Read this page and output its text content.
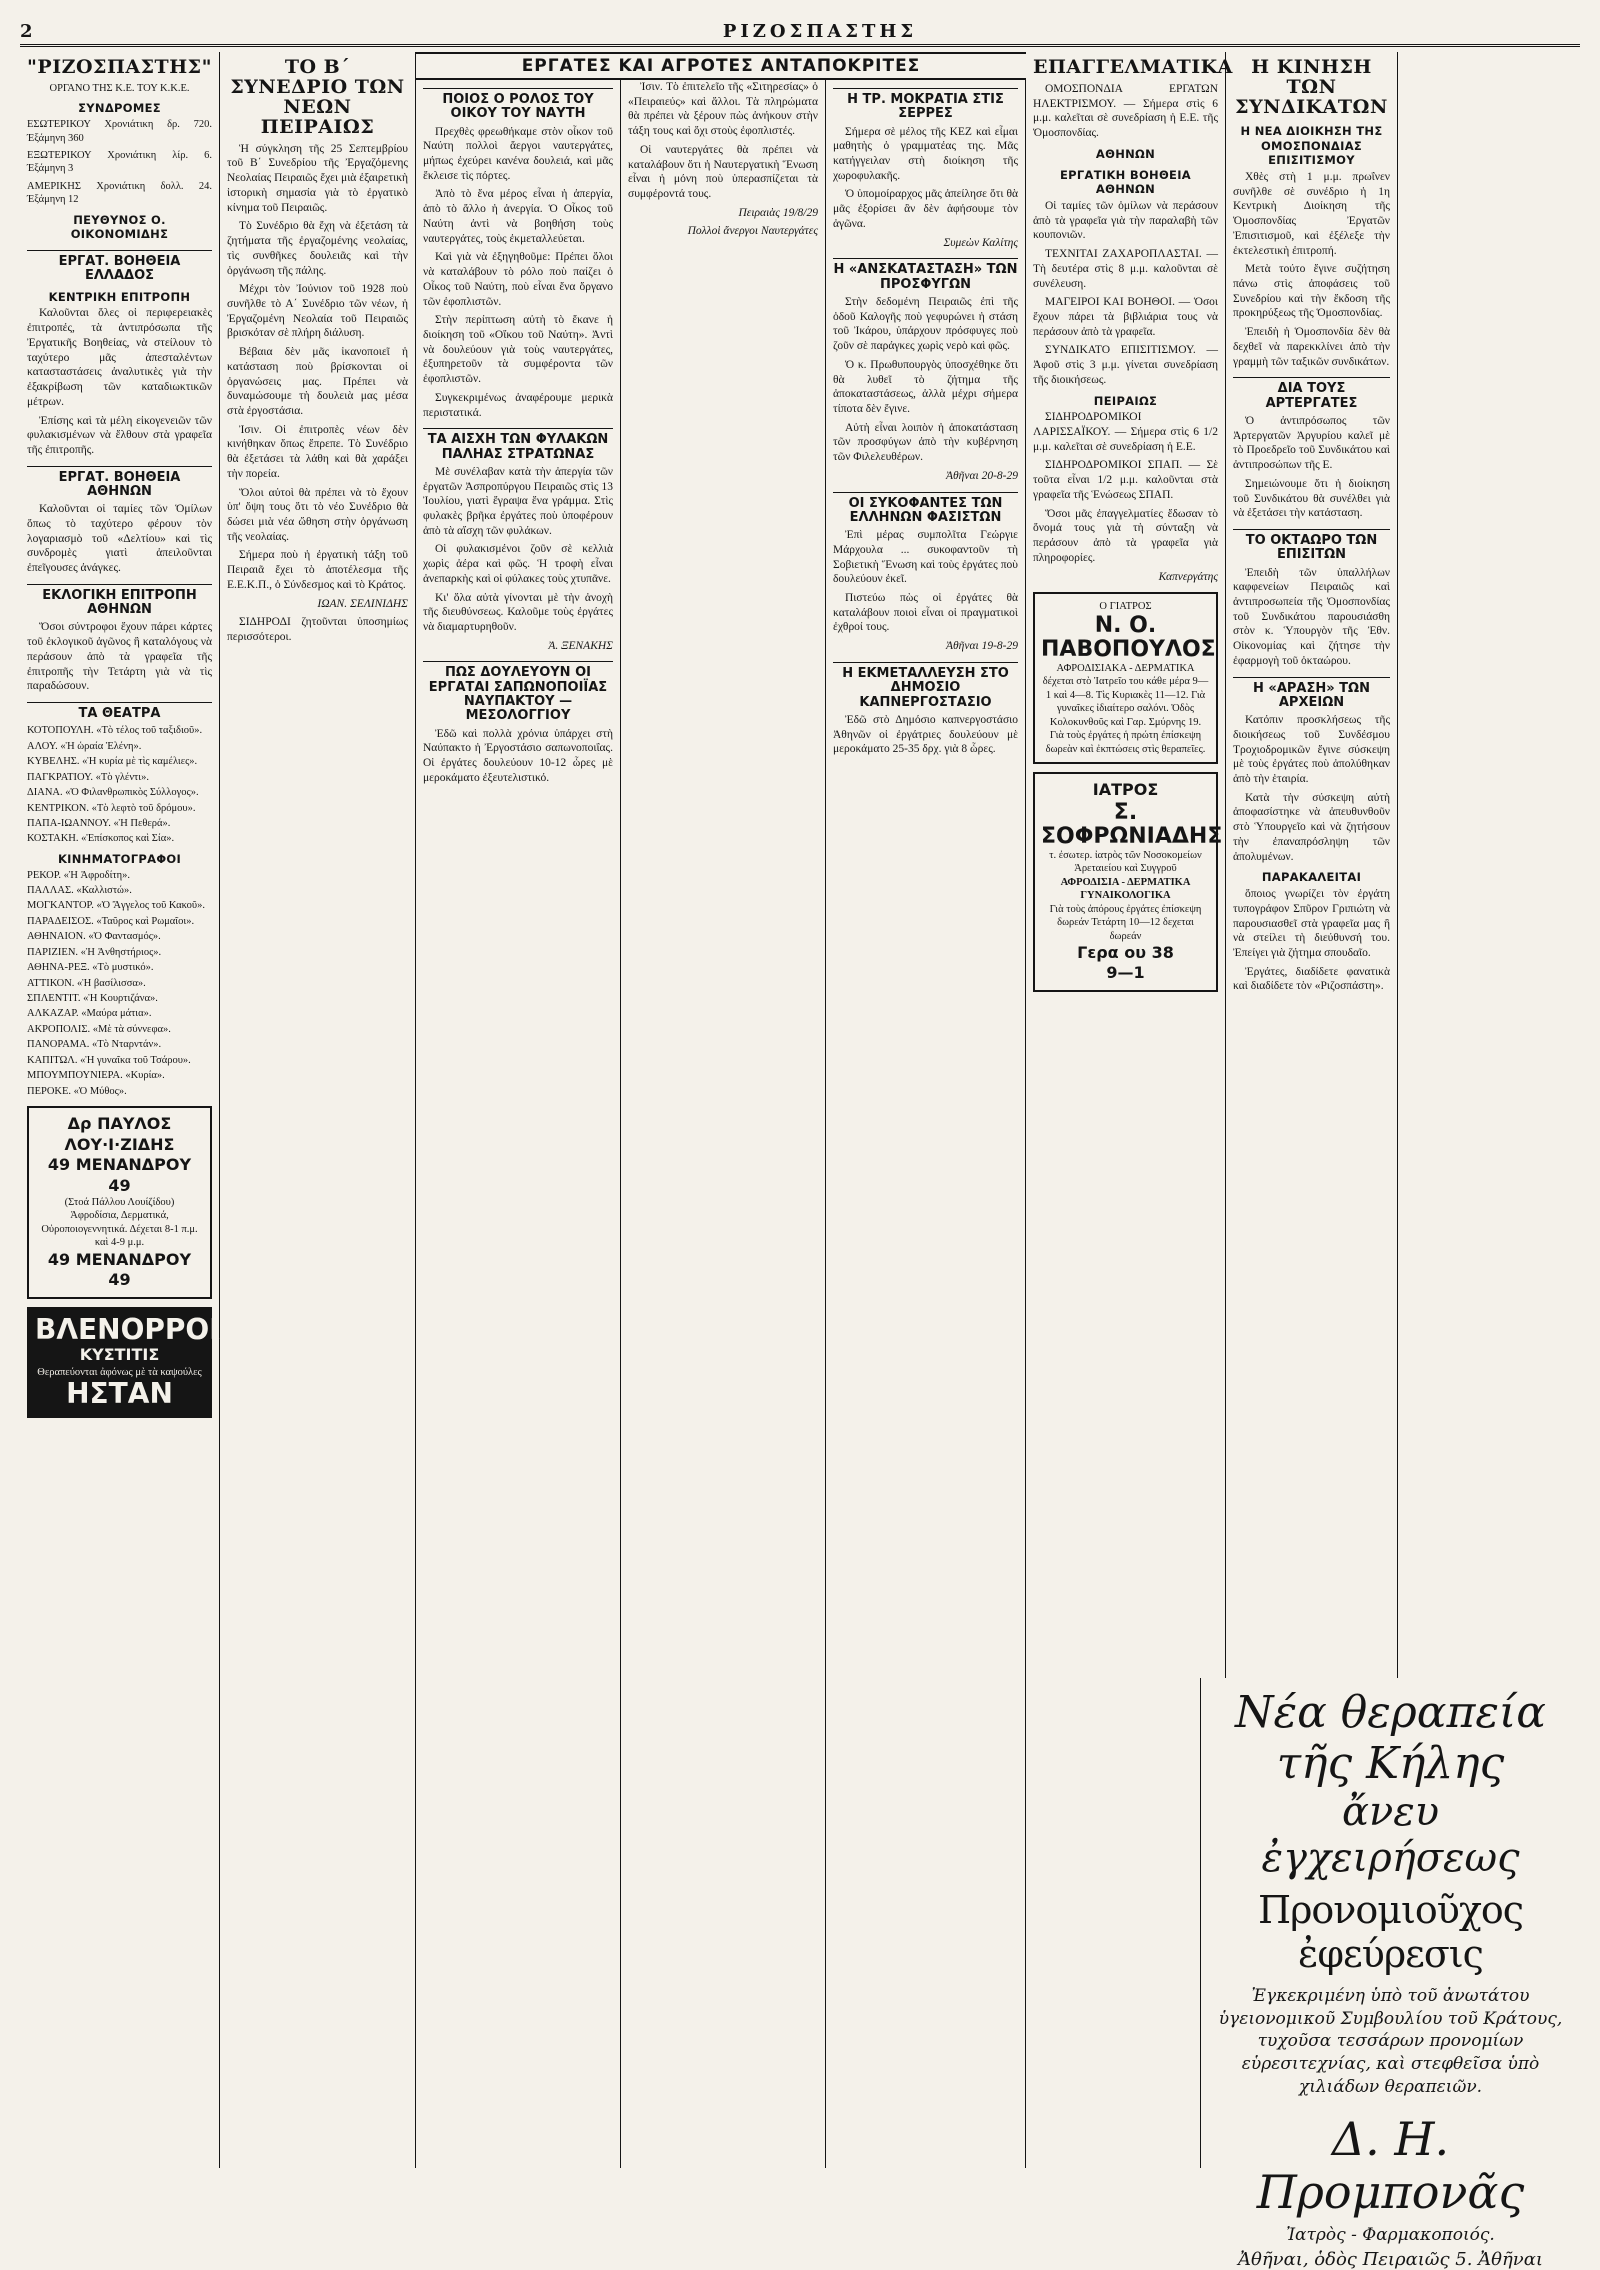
2	ΡΙΖΟΣΠΑΣΤΗΣ
ΕΡΓΑΤΕΣ ΚΑΙ ΑΓΡΟΤΕΣ ΑΝΤΑΠΟΚΡΙΤΕΣ
"ΡΙΖΟΣΠΑΣΤΗΣ"
ΟΡΓΑΝΟ ΤΗΣ Κ.Ε. ΤΟΥ Κ.Κ.Ε.
ΣΥΝΔΡΟΜΕΣ

ΕΣΩΤΕΡΙΚΟΥ Χρονιάτικη δρ. 720. Έξάμηνη 360

ΕΞΩΤΕΡΙΚΟΥ Χρονιάτικη λίρ. 6. Έξάμηνη 3

ΑΜΕΡΙΚΗΣ Χρονιάτικη δολλ. 24. Έξάμηνη 12

ΠΕΥΘΥΝΟΣ Ο. ΟΙΚΟΝΟΜΙΔΗΣ
ΕΡΓΑΤ. ΒΟΗΘΕΙΑ ΕΛΛΑΔΟΣ
ΚΕΝΤΡΙΚΗ ΕΠΙΤΡΟΠΗ

Καλοῦνται ὅλες οἱ περιφερειακὲς ἐπιτροπές, τὰ ἀντιπρόσωπα τῆς Ἐργατικῆς Βοηθείας, νὰ στείλουν τὸ ταχύτερο μᾶς ἀπεσταλέντων κατασταστάσεις ἀναλυτικὲς γιὰ τὴν ἐξακρίβωση τῶν καταδιωκτικῶν μέτρων.

Ἐπίσης καὶ τὰ μέλη εἰκογενειῶν τῶν φυλακισμένων νὰ ἔλθουν στὰ γραφεῖα τῆς ἐπιτροπῆς.

ΕΡΓΑΤ. ΒΟΗΘΕΙΑ ΑΘΗΝΩΝ

Καλοῦνται οἱ ταμίες τῶν Ὁμίλων ὅπως τὸ ταχύτερο φέρουν τὸν λογαριασμὸ τοῦ «Δελτίου» καὶ τὶς συνδρομὲς γιατὶ ἀπειλοῦνται ἐπεῖγουσες ἀνάγκες.

ΕΚΛΟΓΙΚΗ ΕΠΙΤΡΟΠΗ ΑΘΗΝΩΝ

Ὅσοι σύντροφοι ἔχουν πάρει κάρτες τοῦ ἐκλογικοῦ ἀγῶνος ἢ καταλόγους νὰ περάσουν ἀπὸ τὰ γραφεῖα τῆς ἐπιτροπῆς τὴν Τετάρτη γιὰ νὰ τὶς παραδώσουν.

ΤΑ ΘΕΑΤΡΑ

ΚΟΤΟΠΟΥΛΗ. «Τὸ τέλος τοῦ ταξιδιοῦ».

ΑΛΟΥ. «Ἡ ὡραία Ἑλένη».

ΚΥΒΕΛΗΣ. «Ἡ κυρία μὲ τὶς καμέλιες».

ΠΑΓΚΡΑΤΙΟΥ. «Τὸ γλέντι».

ΔΙΑΝΑ. «Ὁ Φιλανθρωπικὸς Σύλλογος».

ΚΕΝΤΡΙΚΟΝ. «Τὸ λεφτὸ τοῦ δρόμου».

ΠΑΠΑ-ΙΩΑΝΝΟΥ. «Ἡ Πεθερά».

ΚΟΣΤΑΚΗ. «Ἐπίσκοπος καὶ Σία».

ΚΙΝΗΜΑΤΟΓΡΑΦΟΙ

ΡΕΚΟΡ. «Ἡ Ἀφροδίτη».

ΠΑΛΛΑΣ. «Καλλιστώ».

ΜΟΓΚΑΝΤΟΡ. «Ὁ Ἄγγελος τοῦ Κακοῦ».

ΠΑΡΑΔΕΙΣΟΣ. «Ταῦρος καὶ Ρωμαῖοι».

ΑΘΗΝΑΙΟΝ. «Ὁ Φαντασμός».

ΠΑΡΙΖΙΕΝ. «Ἡ Ἀνθηστήριος».

ΑΘΗΝΑ-ΡΕΞ. «Τὸ μυστικό».

ΑΤΤΙΚΟΝ. «Ἡ βασίλισσα».

ΣΠΛΕΝΤΙΤ. «Ἡ Κουρτιζάνα».

ΑΛΚΑΖΑΡ. «Μαύρα μάτια».

ΑΚΡΟΠΟΛΙΣ. «Μὲ τὰ σύννεφα».

ΠΑΝΟΡΑΜΑ. «Τὸ Νταρντάν».

ΚΑΠΙΤΩΛ. «Ἡ γυναῖκα τοῦ Τσάρου».

ΜΠΟΥΜΠΟΥΝΙΕΡΑ. «Κυρία».

ΠΕΡΟΚΕ. «Ὁ Μύθος».

Δρ ΠΑΥΛΟΣ ΛΟΥ·Ι·ΖΙΔΗΣ
49 ΜΕΝΑΝΔΡΟΥ 49
(Στοά Πάλλου Λουίζίδου)
Ἀφροδίσια, Δερματικά, Οὐροποιογεννητικά. Δέχεται 8-1 π.μ. καὶ 4-9 μ.μ.
49 ΜΕΝΑΝΔΡΟΥ 49
ΒΛΕΝΟΡΡΟΙΑ
ΚΥΣΤΙΤΙΣ
Θεραπεύονται ἀφόνως μὲ τὰ καψούλες
ΗΣΤΑΝ
ΤΟ Β΄ ΣΥΝΕΔΡΙΟ ΤΩΝ ΝΕΩΝ ΠΕΙΡΑΙΩΣ

Ἡ σύγκληση τῆς 25 Σεπτεμβρίου τοῦ Β΄ Συνεδρίου τῆς Ἐργαζόμενης Νεολαίας Πειραιῶς ἔχει μιὰ ἐξαιρετικὴ ἱστορικὴ σημασία γιὰ τὸ ἐργατικὸ κίνημα τοῦ Πειραιῶς.

Τὸ Συνέδριο θὰ ἔχη νὰ ἐξετάση τὰ ζητήματα τῆς ἐργαζομένης νεολαίας, τὶς συνθῆκες δουλειᾶς καὶ τὴν ὀργάνωση τῆς πάλης.

Μέχρι τὸν Ἰούνιον τοῦ 1928 ποὺ συνῆλθε τὸ Α΄ Συνέδριο τῶν νέων, ἡ Ἐργαζομένη Νεολαία τοῦ Πειραιῶς βρισκόταν σὲ πλήρη διάλυση.

Βέβαια δὲν μᾶς ἱκανοποιεῖ ἡ κατάσταση ποὺ βρίσκονται οἱ ὀργανώσεις μας. Πρέπει νὰ δυναμώσουμε τὴ δουλειὰ μας μέσα στὰ ἐργοστάσια.

Ἰσιν. Οἱ ἐπιτροπὲς νέων δὲν κινήθηκαν ὅπως ἔπρεπε. Τὸ Συνέδριο θὰ ἐξετάσει τὰ λάθη καὶ θὰ χαράξει τὴν πορεία.

Ὅλοι αὐτοὶ θὰ πρέπει νὰ τὸ ἔχουν ὑπ' ὄψη τους ὅτι τὸ νέο Συνέδριο θὰ δώσει μιὰ νέα ὤθηση στὴν ὀργάνωση τῆς νεολαίας.

Σήμερα ποὺ ἡ ἐργατικὴ τάξη τοῦ Πειραιᾶ ἔχει τὸ ἀποτέλεσμα τῆς Ε.Ε.Κ.Π., ὁ Σύνδεσμος καὶ τὸ Κράτος.

ΙΩΑΝ. ΣΕΛΙΝΙΔΗΣ

ΣΙΔΗΡΟΔΙ ζητοῦνται ὑποσημίως περισσότεροι.

ΠΟΙΟΣ Ο ΡΟΛΟΣ ΤΟΥ ΟΙΚΟΥ ΤΟΥ ΝΑΥΤΗ

Πρεχθὲς φρεωθήκαμε στὸν οἶκον τοῦ Ναύτη πολλοὶ ἄεργοι ναυτεργάτες, μήπως ἐχεύρει κανένα δουλειά, καὶ μᾶς ἔκλεισε τὶς πόρτες.

Ἀπὸ τὸ ἕνα μέρος εἶναι ἡ ἀπεργία, ἀπὸ τὸ ἄλλο ἡ ἀνεργία. Ὁ Οἶκος τοῦ Ναύτη ἀντὶ νὰ βοηθήση τοὺς ναυτεργάτες, τοὺς ἐκμεταλλεύεται.

Καὶ γιὰ νὰ ἐξηγηθοῦμε: Πρέπει ὅλοι νὰ καταλάβουν τὸ ρόλο ποὺ παίζει ὁ Οἶκος τοῦ Ναύτη, ποὺ εἶναι ἕνα ὄργανο τῶν ἐφοπλιστῶν.

Στὴν περίπτωση αὐτὴ τὸ ἔκανε ἡ διοίκηση τοῦ «Οἴκου τοῦ Ναύτη». Ἀντὶ νὰ δουλεύουν γιὰ τοὺς ναυτεργάτες, ἐξυπηρετοῦν τὰ συμφέροντα τῶν ἐφοπλιστῶν.

Συγκεκριμένως ἀναφέρουμε μερικὰ περιστατικά.

ΤΑ ΑΙΣΧΗ ΤΩΝ ΦΥΛΑΚΩΝ ΠΑΛΗΑΣ ΣΤΡΑΤΩΝΑΣ

Μὲ συνέλαβαν κατὰ τὴν ἀπεργία τῶν ἐργατῶν Ἀσπροπύργου Πειραιῶς στὶς 13 Ἰουλίου, γιατὶ ἔγραψα ἕνα γράμμα. Στὶς φυλακὲς βρῆκα ἐργάτες ποὺ ὑποφέρουν ἀπὸ τὰ αἴσχη τῶν φυλάκων.

Οἱ φυλακισμένοι ζοῦν σὲ κελλιὰ χωρὶς ἀέρα καὶ φῶς. Ἡ τροφὴ εἶναι ἀνεπαρκὴς καὶ οἱ φύλακες τοὺς χτυπᾶνε.

Κι' ὅλα αὐτὰ γίνονται μὲ τὴν ἀνοχὴ τῆς διευθύνσεως. Καλοῦμε τοὺς ἐργάτες νὰ διαμαρτυρηθοῦν.

Ἀ. ΞΕΝΑΚΗΣ

ΠΩΣ ΔΟΥΛΕΥΟΥΝ ΟΙ ΕΡΓΑΤΑΙ ΣΑΠΩΝΟΠΟΙΪΑΣ ΝΑΥΠΑΚΤΟΥ — ΜΕΣΟΛΟΓΓΙΟΥ

Ἐδῶ καὶ πολλὰ χρόνια ὑπάρχει στὴ Ναύπακτο ἡ Ἐργοστάσιο σαπωνοποιΐας. Οἱ ἐργάτες δουλεύουν 10-12 ὧρες μὲ μεροκάματο ἐξευτελιστικό.

Ἰσιν. Τὸ ἐπιτελεῖο τῆς «Σιτηρεσίας» ὁ «Πειραιεύς» καὶ ἄλλοι. Τὰ πληρώματα θὰ πρέπει νὰ ξέρουν πὼς ἀνήκουν στὴν τάξη τους καὶ ὄχι στοὺς ἐφοπλιστές.

Οἱ ναυτεργάτες θὰ πρέπει νὰ καταλάβουν ὅτι ἡ Ναυτεργατικὴ Ἕνωση εἶναι ἡ μόνη ποὺ ὑπερασπίζεται τὰ συμφέροντά τους.

Πειραιὰς 19/8/29

Πολλοὶ ἄνεργοι Ναυτεργάτες

Η ΤΡ. ΜΟΚΡΑΤΙΑ ΣΤΙΣ ΣΕΡΡΕΣ

Σήμερα σὲ μέλος τῆς ΚΕΖ καὶ εἶμαι μαθητὴς ὁ γραμματέας της. Μᾶς κατήγγειλαν στὴ διοίκηση τῆς χωροφυλακῆς.

Ὁ ὑπομοίραρχος μᾶς ἀπείλησε ὅτι θὰ μᾶς ἐξορίσει ἂν δὲν ἀφήσουμε τὸν ἀγῶνα.

Συμεὼν Καλίτης

Η «ΑΝΣΚΑΤΑΣΤΑΣΗ» ΤΩΝ ΠΡΟΣΦΥΓΩΝ

Στὴν δεδομένη Πειραιῶς ἐπὶ τῆς ὁδοῦ Καλογῆς ποὺ γεφυρώνει ἡ στάση τοῦ Ἰκάρου, ὑπάρχουν πρόσφυγες ποὺ ζοῦν σὲ παράγκες χωρὶς νερὸ καὶ φῶς.

Ὁ κ. Πρωθυπουργὸς ὑποσχέθηκε ὅτι θὰ λυθεῖ τὸ ζήτημα τῆς ἀποκαταστάσεως, ἀλλὰ μέχρι σήμερα τίποτα δὲν ἔγινε.

Αὐτὴ εἶναι λοιπὸν ἡ ἀποκατάσταση τῶν προσφύγων ἀπὸ τὴν κυβέρνηση τῶν Φιλελευθέρων.

Ἀθῆναι 20-8-29

ΟΙ ΣΥΚΟΦΑΝΤΕΣ ΤΩΝ ΕΛΛΗΝΩΝ ΦΑΣΙΣΤΩΝ

Ἐπὶ μέρας συμπολῖτα Γεώργιε Μάρχουλα ... συκοφαντοῦν τὴ Σοβιετικὴ Ἕνωση καὶ τοὺς ἐργάτες ποὺ δουλεύουν ἐκεῖ.

Πιστεύω πὼς οἱ ἐργάτες θὰ καταλάβουν ποιοὶ εἶναι οἱ πραγματικοὶ ἐχθροί τους.

Ἀθῆναι 19-8-29

Η ΕΚΜΕΤΑΛΛΕΥΣΗ ΣΤΟ ΔΗΜΟΣΙΟ ΚΑΠΝΕΡΓΟΣΤΑΣΙΟ

Ἐδῶ στὸ Δημόσιο καπνεργοστάσιο Ἀθηνῶν οἱ ἐργάτριες δουλεύουν μὲ μεροκάματο 25-35 δρχ. γιὰ 8 ὧρες.

ΕΠΑΓΓΕΛΜΑΤΙΚΑ

ΟΜΟΣΠΟΝΔΙΑ ΕΡΓΑΤΩΝ ΗΛΕΚΤΡΙΣΜΟΥ. — Σήμερα στὶς 6 μ.μ. καλεῖται σὲ συνεδρίαση ἡ Ε.Ε. τῆς Ὁμοσπονδίας.

ΑΘΗΝΩΝ
ΕΡΓΑΤΙΚΗ ΒΟΗΘΕΙΑ ΑΘΗΝΩΝ

Οἱ ταμίες τῶν ὁμίλων νὰ περάσουν ἀπὸ τὰ γραφεῖα γιὰ τὴν παραλαβὴ τῶν κουπονιῶν.

ΤΕΧΝΙΤΑΙ ΖΑΧΑΡΟΠΛΑΣΤΑΙ. — Τὴ δευτέρα στὶς 8 μ.μ. καλοῦνται σὲ συνέλευση.

ΜΑΓΕΙΡΟΙ ΚΑΙ ΒΟΗΘΟΙ. — Ὁσοι ἔχουν πάρει τὰ βιβλιάρια τους νὰ περάσουν ἀπὸ τὰ γραφεῖα.

ΣΥΝΔΙΚΑΤΟ ΕΠΙΣΙΤΙΣΜΟΥ. — Ἀφοῦ στὶς 3 μ.μ. γίνεται συνεδρίαση τῆς διοικήσεως.

ΠΕΙΡΑΙΩΣ

ΣΙΔΗΡΟΔΡΟΜΙΚΟΙ ΛΑΡΙΣΣΑΪΚΟΥ. — Σήμερα στὶς 6 1/2 μ.μ. καλεῖται σὲ συνεδρίαση ἡ Ε.Ε.

ΣΙΔΗΡΟΔΡΟΜΙΚΟΙ ΣΠΑΠ. — Σὲ τοῦτα εἶναι 1/2 μ.μ. καλοῦνται στὰ γραφεῖα τῆς Ἑνώσεως ΣΠΑΠ.

Ὅσοι μᾶς ἐπαγγελματίες ἔδωσαν τὸ ὄνομά τους γιὰ τὴ σύνταξη νὰ περάσουν ἀπὸ τὰ γραφεῖα γιὰ πληροφορίες.

Καπνεργάτης

Ο ΓΙΑΤΡΟΣ
Ν. Ο. ΠΑΒΟΠΟΥΛΟΣ
ΑΦΡΟΔΙΣΙΑΚΑ - ΔΕΡΜΑΤΙΚΑ
δέχεται στὸ Ἰατρεῖο του κάθε μέρα 9—1 καὶ 4—8. Τὶς Κυριακὲς 11—12. Γιὰ γυναῖκες ἰδιαίτερο σαλόνι. Ὁδὸς Κολοκυνθοῦς καὶ Γαρ. Σμύρνης 19.
Γιὰ τοὺς ἐργάτες ἡ πρώτη ἐπίσκεψη δωρεὰν καὶ ἐκπτώσεις στὶς θεραπεῖες.
ΙΑΤΡΟΣ
Σ. ΣΟΦΡΩΝΙΑΔΗΣ
τ. ἐσωτερ. ἰατρὸς τῶν Νοσοκομείων Ἀρεταιείου καὶ Συγγροῦ
ΑΦΡΟΔΙΣΙΑ - ΔΕΡΜΑΤΙΚΑ ΓΥΝΑΙΚΟΛΟΓΙΚΑ
Γιὰ τοὺς ἀπόρους ἐργάτες ἐπίσκεψη δωρεάν Τετάρτη 10—12 δεχεται δωρεάν
Γερα ου 38
9—1
Η ΚΙΝΗΣΗ ΤΩΝ ΣΥΝΔΙΚΑΤΩΝ
Η ΝΕΑ ΔΙΟΙΚΗΣΗ ΤΗΣ ΟΜΟΣΠΟΝΔΙΑΣ ΕΠΙΣΙΤΙΣΜΟΥ

Χθὲς στὴ 1 μ.μ. πρωΐνεν συνῆλθε σὲ συνέδριο ἡ 1η Κεντρικὴ Διοίκηση τῆς Ὁμοσπονδίας Ἐργατῶν Ἐπισιτισμοῦ, καὶ ἐξέλεξε τὴν ἐκτελεστικὴ ἐπιτροπή.

Μετὰ τούτο ἔγινε συζήτηση πάνω στὶς ἀποφάσεις τοῦ Συνεδρίου καὶ τὴν ἔκδοση τῆς προκηρύξεως τῆς Ὁμοσπονδίας.

Ἐπειδὴ ἡ Ὁμοσπονδία δὲν θὰ δεχθεῖ νὰ παρεκκλίνει ἀπὸ τὴν γραμμὴ τῶν ταξικῶν συνδικάτων.

ΔΙΑ ΤΟΥΣ ΑΡΤΕΡΓΑΤΕΣ

Ὁ ἀντιπρόσωπος τῶν Ἀρτεργατῶν Ἀργυρίου καλεῖ μὲ τὸ Προεδρεῖο τοῦ Συνδικάτου καὶ ἀντιπροσώπων τῆς Ε.

Σημειώνουμε ὅτι ἡ διοίκηση τοῦ Συνδικάτου θὰ συνέλθει γιὰ νὰ ἐξετάσει τὴν κατάσταση.

ΤΟ ΟΚΤΑΩΡΟ ΤΩΝ ΕΠΙΣΙΤΩΝ

Ἐπειδὴ τῶν ὑπαλλήλων καφφενείων Πειραιῶς καὶ ἀντιπροσωπεία τῆς Ὁμοσπονδίας τοῦ Συνδικάτου παρουσιάσθη στὸν κ. Ὑπουργὸν τῆς Ἐθν. Οἰκονομίας καὶ ζήτησε τὴν ἐφαρμογὴ τοῦ ὀκταώρου.

Η «ΑΡΑΣΗ» ΤΩΝ ΑΡΧΕΙΩΝ

Κατόπιν προσκλήσεως τῆς διοικήσεως τοῦ Συνδέσμου Τροχιοδρομικῶν ἔγινε σύσκεψη μὲ τοὺς ἐργάτες ποὺ ἀπολύθηκαν ἀπὸ τὴν ἑταιρία.

Κατὰ τὴν σύσκεψη αὐτὴ ἀποφασίστηκε νὰ ἀπευθυνθοῦν στὸ Ὑπουργεῖο καὶ νὰ ζητήσουν τὴν ἐπαναπρόσληψη τῶν ἀπολυμένων.

ΠΑΡΑΚΑΛΕΙΤΑΙ

ὅποιος γνωρίζει τὸν ἐργάτη τυπογράφον Σπῦρον Γριπιώτη νὰ παρουσιασθεῖ στὰ γραφεῖα μας ἢ νὰ στείλει τὴ διεύθυνσή του. Ἐπείγει γιὰ ζήτημα σπουδαῖο.

Ἐργάτες, διαδίδετε φανατικὰ καὶ διαδίδετε τὸν «Ριζοσπάστη».

Νέα θεραπεία τῆς Κήλης
ἄνευ ἐγχειρήσεως
Προνομιοῦχος ἐφεύρεσις
Ἐγκεκριμένη ὑπὸ τοῦ ἀνωτάτου ὑγειονομικοῦ Συμβουλίου τοῦ Κράτους, τυχοῦσα τεσσάρων προνομίων εὑρεσιτεχνίας, καὶ στεφθεῖσα ὑπὸ χιλιάδων θεραπειῶν.
Δ. Η. Προμπονᾶς
Ἰατρὸς - Φαρμακοποιός.
Ἀθῆναι, ὁδὸς Πειραιῶς 5. Ἀθῆναι
